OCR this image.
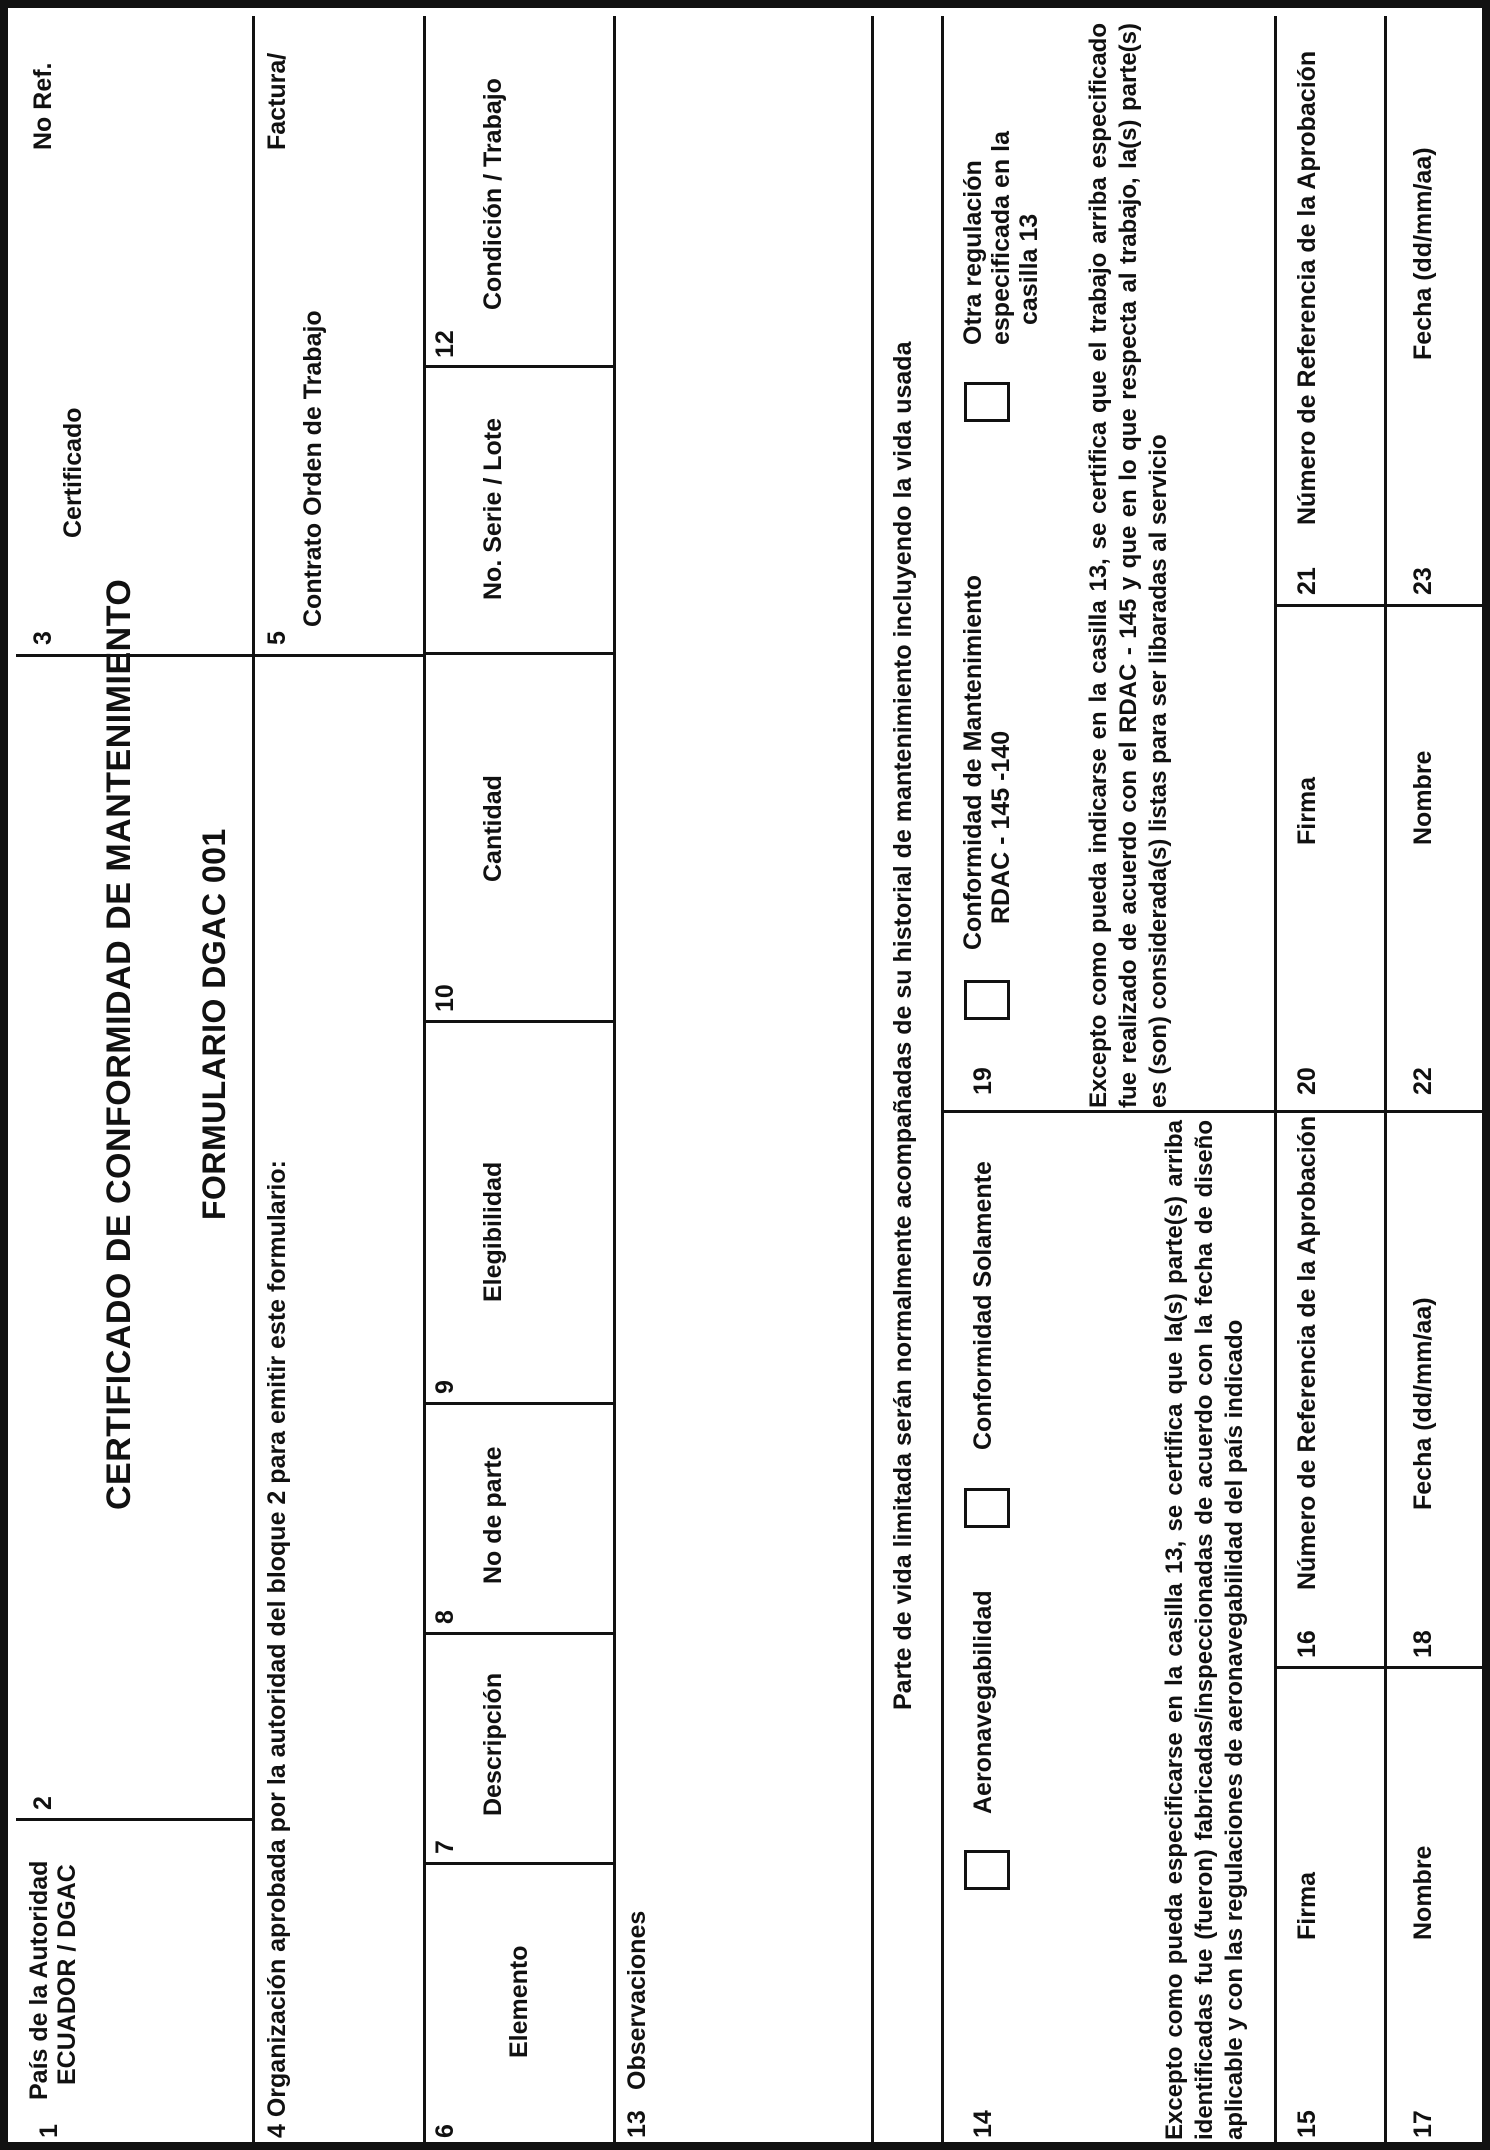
1
País de la Autoridad ECUADOR / DGAC
2
CERTIFICADO DE CONFORMIDAD DE MANTENIMIENTO FORMULARIO DGAC 001
3
Certificado
No Ref.
4 Organización aprobada por la autoridad del bloque 2 para emitir este formulario:
5
Contrato Orden de Trabajo
Factura/
6
Elemento
7
Descripción
8
No de parte
9
Elegibilidad
10
Cantidad
No. Serie / Lote
12
Condición / Trabajo
13
Observaciones
Parte de vida limitada serán normalmente acompañadas de su historial de mantenimiento incluyendo la vida usada
14
Aeronavegabilidad
Conformidad Solamente	Excepto como pueda especificarse en la casilla 13, se certifica que la(s) parte(s) arriba identificadas fue (fueron) fabricadas/inspeccionadas de acuerdo con la fecha de diseño aplicable y con las regulaciones de aeronavegabilidad del país indicado 15
Firma
16
Número de Referencia de la Aprobación
17
Nombre
18
Fecha (dd/mm/aa)
19
Conformidad de Mantenimiento RDAC - 145 -140
Otra regulación especificada en la casilla 13 Excepto como pueda indicarse en la casilla 13, se certifica que el trabajo arriba especificado fue realizado de acuerdo con el RDAC - 145 y que en lo que respecta al trabajo, la(s) parte(s) es (son) considerada(s) listas para ser libaradas al servicio	20
Firma
21
Número de Referencia de la Aprobación
22
Nombre
23
Fecha (dd/mm/aa)
